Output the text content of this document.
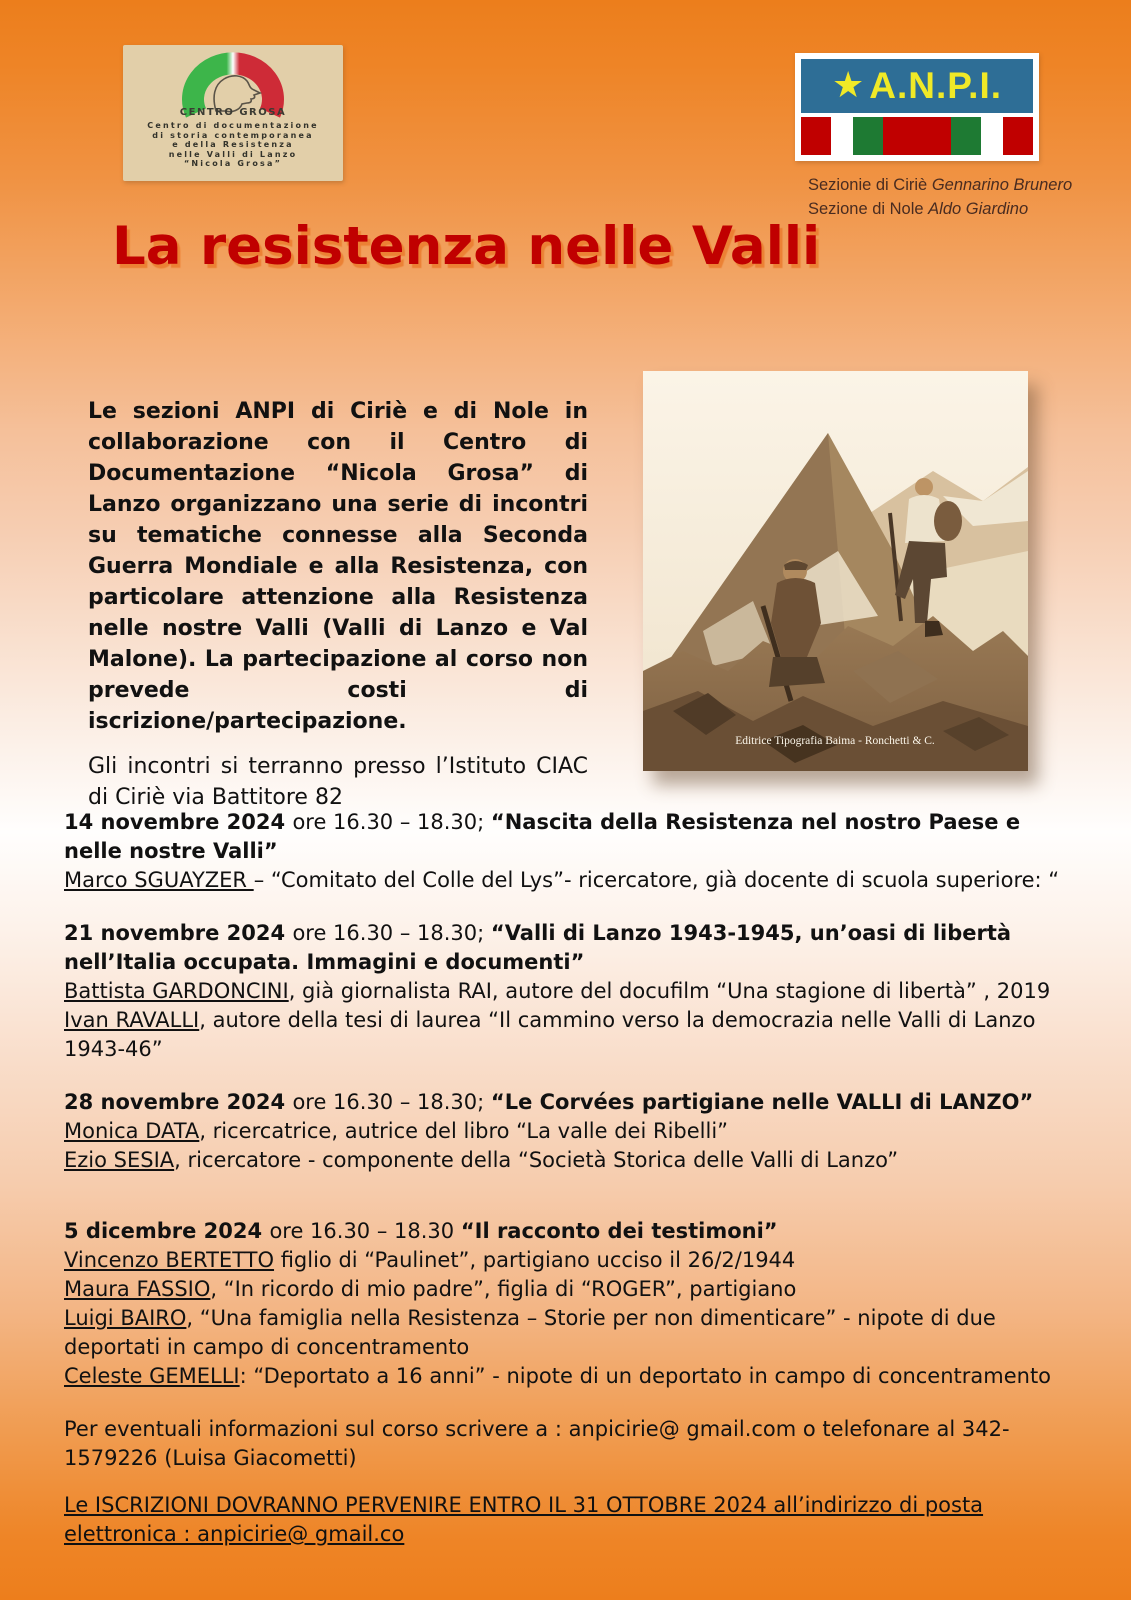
CENTRO GROSA
Centro di documentazione
di storia contemporanea
e della Resistenza
nelle Valli di Lanzo
“Nicola Grosa”
★ A.N.P.I.
Sezionie di Ciriè Gennarino Brunero
Sezione di Nole Aldo Giardino
La resistenza nelle Valli

Le sezioni ANPI di Ciriè e di Nole in collaborazione con il Centro di Documentazione “Nicola Grosa” di Lanzo organizzano una serie di incontri su tematiche connesse alla Seconda Guerra Mondiale e alla Resistenza, con particolare attenzione alla Resistenza nelle nostre Valli (Valli di Lanzo e Val Malone). La partecipazione al corso non prevede costi di iscrizione/partecipazione.

Gli incontri si terranno presso l’Istituto CIAC di Ciriè via Battitore 82

Editrice Tipografia Baima - Ronchetti & C.

14 novembre 2024 ore 16.30 – 18.30; “Nascita della Resistenza nel nostro Paese e nelle nostre Valli”

Marco SGUAYZER – “Comitato del Colle del Lys”- ricercatore, già docente di scuola superiore: “

21 novembre 2024 ore 16.30 – 18.30; “Valli di Lanzo 1943-1945, un’oasi di libertà nell’Italia occupata. Immagini e documenti”

Battista GARDONCINI, già giornalista RAI, autore del docufilm “Una stagione di libertà” , 2019

Ivan RAVALLI, autore della tesi di laurea “Il cammino verso la democrazia nelle Valli di Lanzo 1943-46”

28 novembre 2024 ore 16.30 – 18.30; “Le Corvées partigiane nelle VALLI di LANZO”

Monica DATA, ricercatrice, autrice del libro “La valle dei Ribelli”

Ezio SESIA, ricercatore - componente della “Società Storica delle Valli di Lanzo”

5 dicembre 2024 ore 16.30 – 18.30 “Il racconto dei testimoni”

Vincenzo BERTETTO figlio di “Paulinet”, partigiano ucciso il 26/2/1944

Maura FASSIO, “In ricordo di mio padre”, figlia di “ROGER”, partigiano

Luigi BAIRO, “Una famiglia nella Resistenza – Storie per non dimenticare” - nipote di due deportati in campo di concentramento

Celeste GEMELLI: “Deportato a 16 anni” - nipote di un deportato in campo di concentramento

Per eventuali informazioni sul corso scrivere a : anpicirie@ gmail.com o telefonare al 342-1579226 (Luisa Giacometti)

Le ISCRIZIONI DOVRANNO PERVENIRE ENTRO IL 31 OTTOBRE 2024 all’indirizzo di posta elettronica : anpicirie@ gmail.co
